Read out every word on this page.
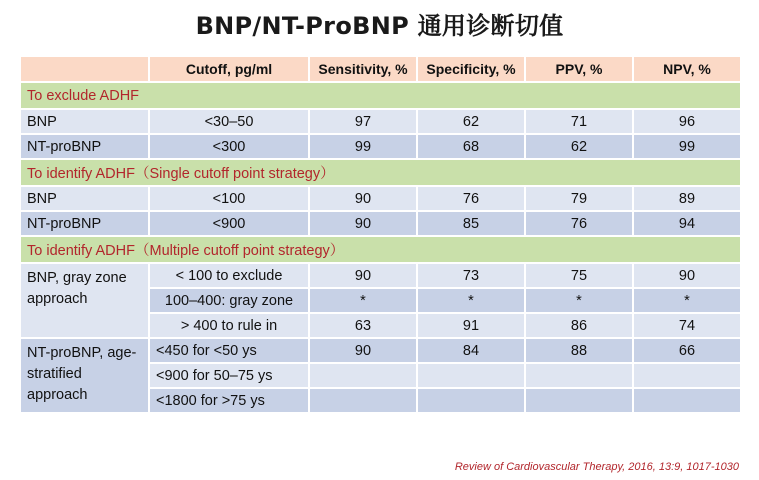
BNP/NT-ProBNP 通用诊断切值
	Cutoff, pg/ml	Sensitivity, %	Specificity, %	PPV, %	NPV, %
To exclude ADHF					
BNP	<30–50	97	62	71	96
NT-proBNP	<300	99	68	62	99
To identify ADHF（Single cutoff point strategy）					
BNP	<100	90	76	79	89
NT-proBNP	<900	90	85	76	94
To identify ADHF（Multiple cutoff point strategy）					
BNP, gray zone approach	< 100 to exclude	90	73	75	90
	100–400: gray zone	*	*	*	*
	> 400 to rule in	63	91	86	74
NT-proBNP, age-stratified approach	<450 for <50 ys	90	84	88	66
	<900 for 50–75 ys				
	<1800 for >75 ys				
Review of Cardiovascular Therapy, 2016, 13:9, 1017-1030
